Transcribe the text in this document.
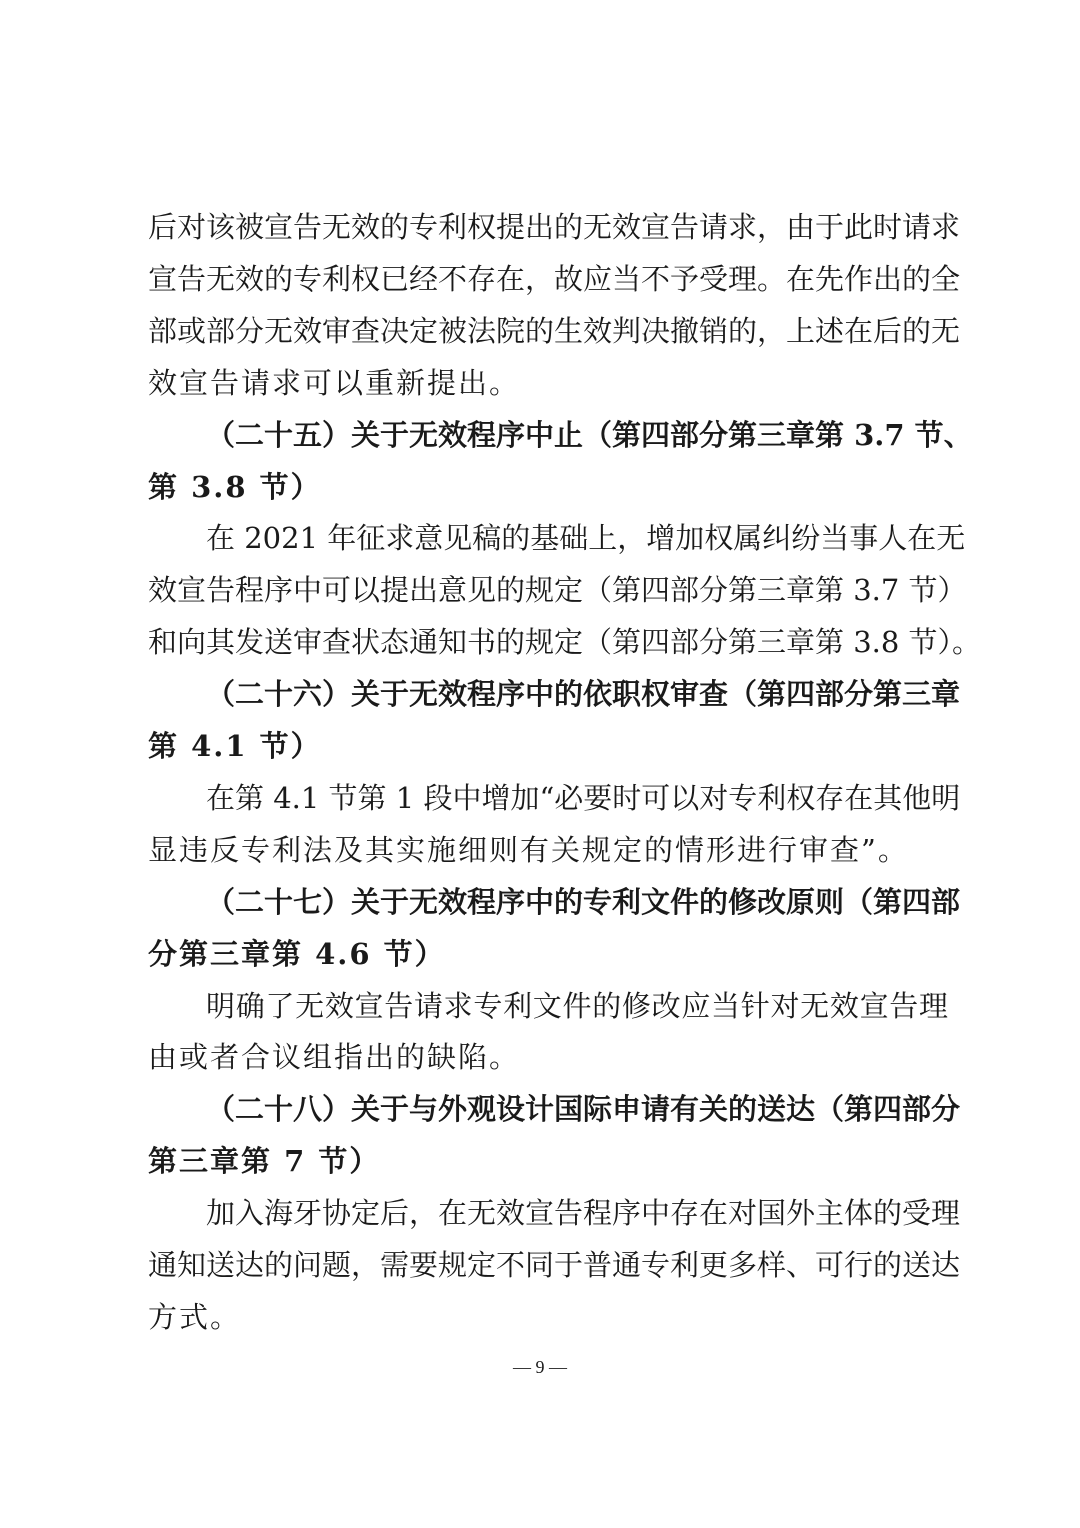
后对该被宣告无效的专利权提出的无效宣告请求，由于此时请求
宣告无效的专利权已经不存在，故应当不予受理。在先作出的全
部或部分无效审查决定被法院的生效判决撤销的，上述在后的无
效宣告请求可以重新提出。
（二十五）关于无效程序中止（第四部分第三章第 3.7 节、
第 3.8 节）
在 2021 年征求意见稿的基础上，增加权属纠纷当事人在无
效宣告程序中可以提出意见的规定（第四部分第三章第 3.7 节）
和向其发送审查状态通知书的规定（第四部分第三章第 3.8 节）。
（二十六）关于无效程序中的依职权审查（第四部分第三章
第 4.1 节）
在第 4.1 节第 1 段中增加“必要时可以对专利权存在其他明
显违反专利法及其实施细则有关规定的情形进行审查”。
（二十七）关于无效程序中的专利文件的修改原则（第四部
分第三章第 4.6 节）
明确了无效宣告请求专利文件的修改应当针对无效宣告理
由或者合议组指出的缺陷。
（二十八）关于与外观设计国际申请有关的送达（第四部分
第三章第 7 节）
加入海牙协定后，在无效宣告程序中存在对国外主体的受理
通知送达的问题，需要规定不同于普通专利更多样、可行的送达
方式。
— 9 —
